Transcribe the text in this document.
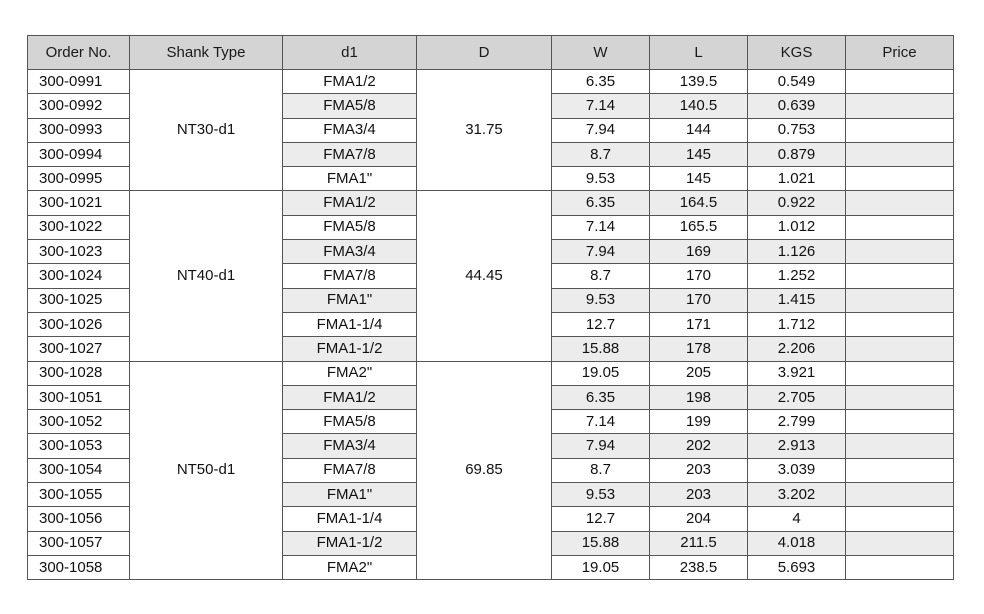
Order No.	Shank Type	d1	D	W	L	KGS	Price
300-0991	NT30-d1	FMA1/2	31.75	6.35	139.5	0.549	
300-0992		FMA5/8		7.14	140.5	0.639	
300-0993		FMA3/4		7.94	144	0.753	
300-0994		FMA7/8		8.7	145	0.879	
300-0995		FMA1"		9.53	145	1.021	
300-1021	NT40-d1	FMA1/2	44.45	6.35	164.5	0.922	
300-1022		FMA5/8		7.14	165.5	1.012	
300-1023		FMA3/4		7.94	169	1.126	
300-1024		FMA7/8		8.7	170	1.252	
300-1025		FMA1"		9.53	170	1.415	
300-1026		FMA1-1/4		12.7	171	1.712	
300-1027		FMA1-1/2		15.88	178	2.206	
300-1028	NT50-d1	FMA2"	69.85	19.05	205	3.921	
300-1051		FMA1/2		6.35	198	2.705	
300-1052		FMA5/8		7.14	199	2.799	
300-1053		FMA3/4		7.94	202	2.913	
300-1054		FMA7/8		8.7	203	3.039	
300-1055		FMA1"		9.53	203	3.202	
300-1056		FMA1-1/4		12.7	204	4	
300-1057		FMA1-1/2		15.88	211.5	4.018	
300-1058		FMA2"		19.05	238.5	5.693	
